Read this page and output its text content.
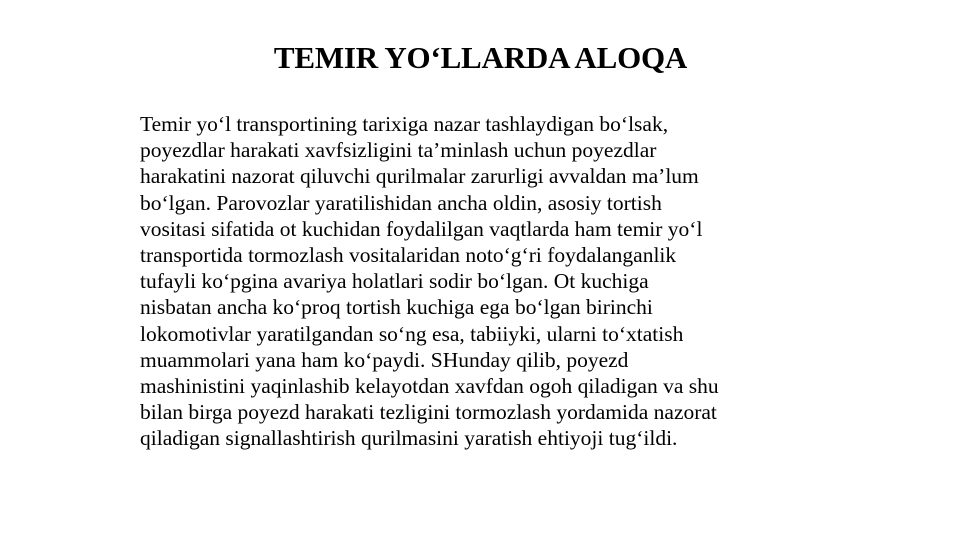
TEMIR YO‘LLARDA ALOQA
Temir yo‘l transportining tarixiga nazar tashlaydigan bo‘lsak,
poyezdlar harakati xavfsizligini ta’minlash uchun poyezdlar
harakatini nazorat qiluvchi qurilmalar zarurligi avvaldan ma’lum
bo‘lgan. Parovozlar yaratilishidan ancha oldin, asosiy tortish
vositasi sifatida ot kuchidan foydalilgan vaqtlarda ham temir yo‘l
transportida tormozlash vositalaridan noto‘g‘ri foydalanganlik
tufayli ko‘pgina avariya holatlari sodir bo‘lgan. Ot kuchiga
nisbatan ancha ko‘proq tortish kuchiga ega bo‘lgan birinchi
lokomotivlar yaratilgandan so‘ng esa, tabiiyki, ularni to‘xtatish
muammolari yana ham ko‘paydi. SHunday qilib, poyezd
mashinistini yaqinlashib kelayotdan xavfdan ogoh qiladigan va shu
bilan birga poyezd harakati tezligini tormozlash yordamida nazorat
qiladigan signallashtirish qurilmasini yaratish ehtiyoji tug‘ildi.
